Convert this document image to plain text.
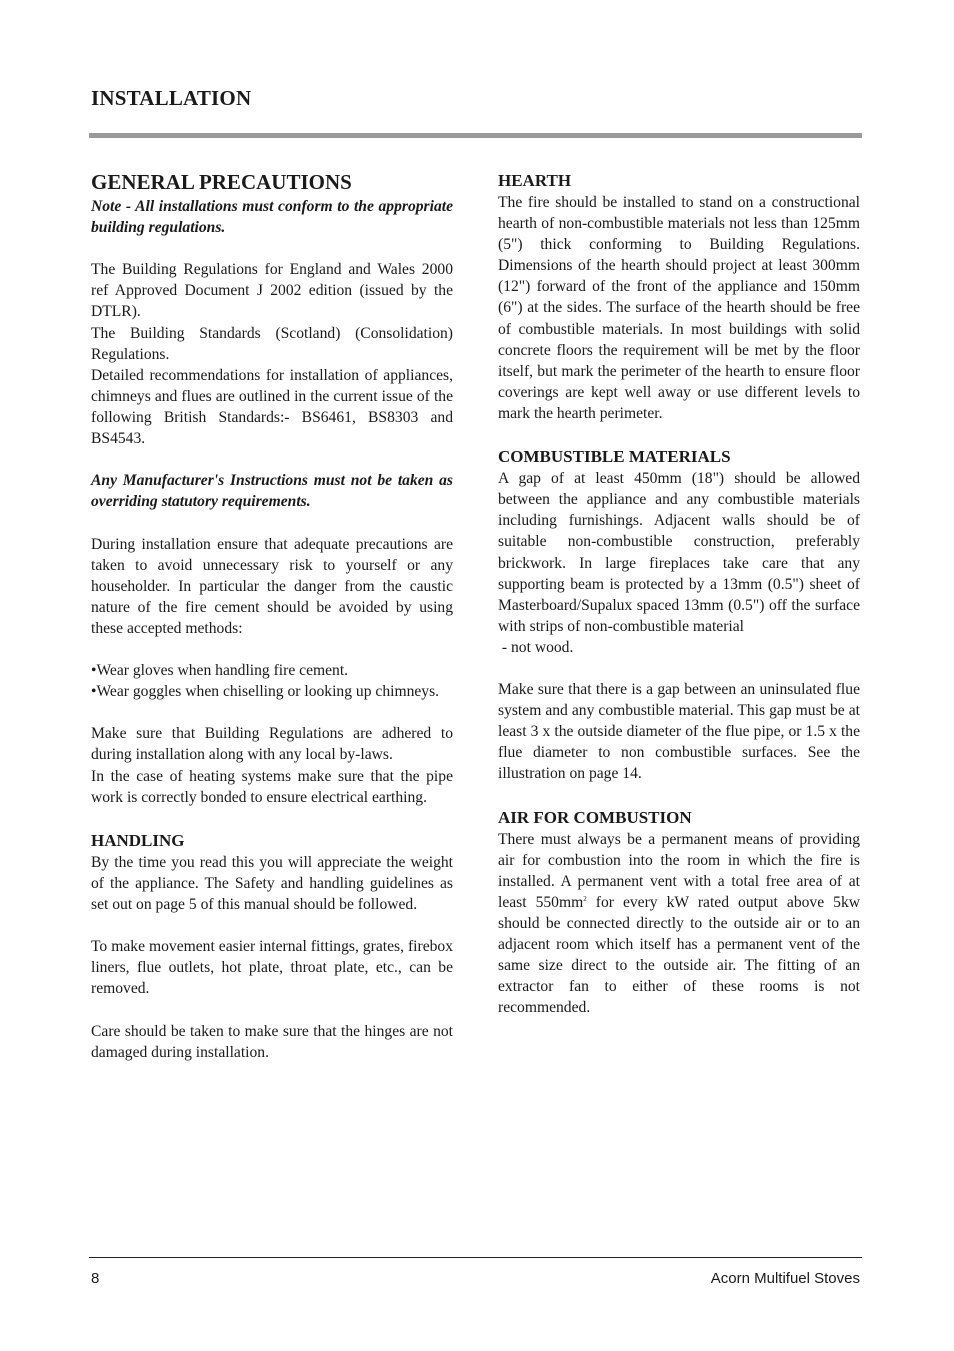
INSTALLATION
GENERAL PRECAUTIONS

Note - All installations must conform to the appropriate building regulations.

The Building Regulations for England and Wales 2000 ref Approved Document J 2002 edition (issued by the DTLR).

The Building Standards (Scotland) (Consolidation) Regulations.

Detailed recommendations for installation of appliances, chimneys and flues are outlined in the current issue of the following British Standards:- BS6461, BS8303 and BS4543.

Any Manufacturer's Instructions must not be taken as overriding statutory requirements.

During installation ensure that adequate precautions are taken to avoid unnecessary risk to yourself or any householder. In particular the danger from the caustic nature of the fire cement should be avoided by using these accepted methods:

•Wear gloves when handling fire cement.

•Wear goggles when chiselling or looking up chimneys.

Make sure that Building Regulations are adhered to during installation along with any local by-laws.

In the case of heating systems make sure that the pipe work is correctly bonded to ensure electrical earthing.

HANDLING

By the time you read this you will appreciate the weight of the appliance. The Safety and handling guidelines as set out on page 5 of this manual should be followed.

To make movement easier internal fittings, grates, firebox liners, flue outlets, hot plate, throat plate, etc., can be removed.

Care should be taken to make sure that the hinges are not damaged during installation.

HEARTH

The fire should be installed to stand on a constructional hearth of non-combustible materials not less than 125mm (5") thick conforming to Building Regulations. Dimensions of the hearth should project at least 300mm (12") forward of the front of the appliance and 150mm (6") at the sides. The surface of the hearth should be free of combustible materials. In most buildings with solid concrete floors the requirement will be met by the floor itself, but mark the perimeter of the hearth to ensure floor coverings are kept well away or use different levels to mark the hearth perimeter.

COMBUSTIBLE MATERIALS

A gap of at least 450mm (18") should be allowed between the appliance and any combustible materials including furnishings. Adjacent walls should be of suitable non-combustible construction, preferably brickwork. In large fireplaces take care that any supporting beam is protected by a 13mm (0.5") sheet of Masterboard/Supalux spaced 13mm (0.5") off the surface with strips of non-combustible material

- not wood.

Make sure that there is a gap between an uninsulated flue system and any combustible material. This gap must be at least 3 x the outside diameter of the flue pipe, or 1.5 x the flue diameter to non combustible surfaces. See the illustration on page 14.

AIR FOR COMBUSTION

There must always be a permanent means of providing air for combustion into the room in which the fire is installed. A permanent vent with a total free area of at least $550mm^2$ for every kW rated output above 5kw should be connected directly to the outside air or to an adjacent room which itself has a permanent vent of the same size direct to the outside air. The fitting of an extractor fan to either of these rooms is not recommended.

8	Acorn Multifuel Stoves
